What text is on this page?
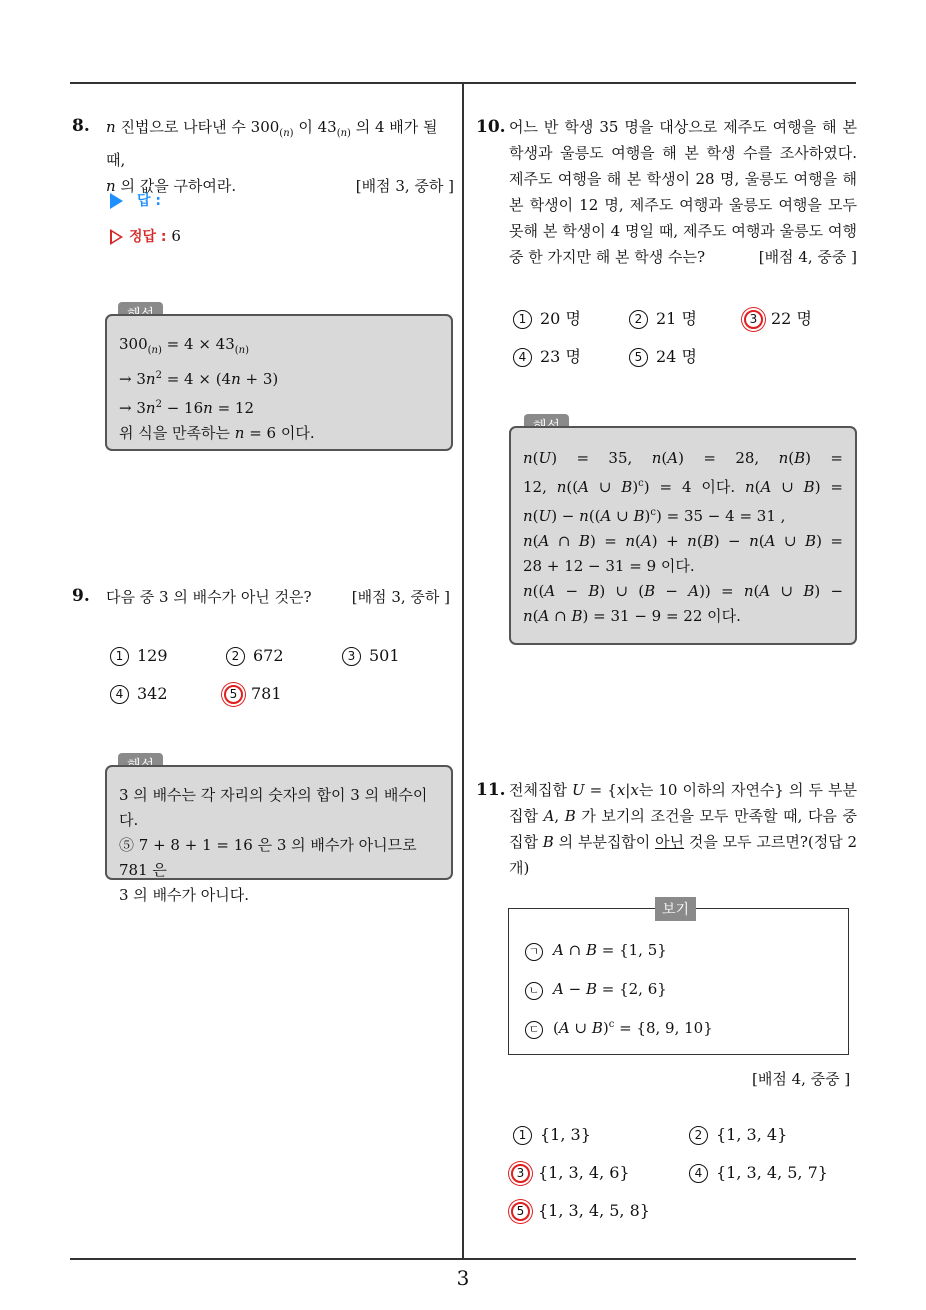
8. n 진법으로 나타낸 수 $300_{(n)}$ 이 $43_{(n)}$ 의 4 배가 될 때,
n 의 값을 구하여라.	[배점 3, 중하 ]
답 :
정답 : 6
$300_{(n)} = 4 \times 43_{(n)}$
→ $3n^2 = 4 \times (4n + 3)$
→ $3n^2 - 16n = 12$
위 식을 만족하는 n = 6 이다.
9. 다음 중 3 의 배수가 아닌 것은?	[배점 3, 중하 ]
1 129	2 672	3 501
4 342	5 781
3 의 배수는 각 자리의 숫자의 합이 3 의 배수이다.
⑤ 7 + 8 + 1 = 16 은 3 의 배수가 아니므로 781 은
3 의 배수가 아니다.
10. 어느 반 학생 35 명을 대상으로 제주도 여행을 해 본
학생과 울릉도 여행을 해 본 학생 수를 조사하였다.
제주도 여행을 해 본 학생이 28 명, 울릉도 여행을 해
본 학생이 12 명, 제주도 여행과 울릉도 여행을 모두
못해 본 학생이 4 명일 때, 제주도 여행과 울릉도 여행
중 한 가지만 해 본 학생 수는?	[배점 4, 중중 ]
1 20 명	2 21 명	3 22 명
4 23 명	5 24 명
n(U) = 35, n(A) = 28, n(B) =
12, n((A ∪ B)$^c$) = 4 이다. n(A ∪ B) =
n(U) − n((A ∪ B)$^c$) = 35 − 4 = 31 ,
n(A ∩ B) = n(A) + n(B) − n(A ∪ B) =
28 + 12 − 31 = 9 이다.
n((A − B) ∪ (B − A)) = n(A ∪ B) −
n(A ∩ B) = 31 − 9 = 22 이다.
11. 전체집합 U = {x|x는 10 이하의 자연수} 의 두 부분
집합 A, B 가 보기의 조건을 모두 만족할 때, 다음 중
집합 B 의 부분집합이 아닌 것을 모두 고르면?(정답 2
개)
보기
ㄱ A ∩ B = {1, 5}
ㄴ A − B = {2, 6}
ㄷ (A ∪ B)$^c$ = {8, 9, 10}
[배점 4, 중중 ]
1 {1, 3}	2 {1, 3, 4}
3 {1, 3, 4, 6}	4 {1, 3, 4, 5, 7}
5 {1, 3, 4, 5, 8}
3
